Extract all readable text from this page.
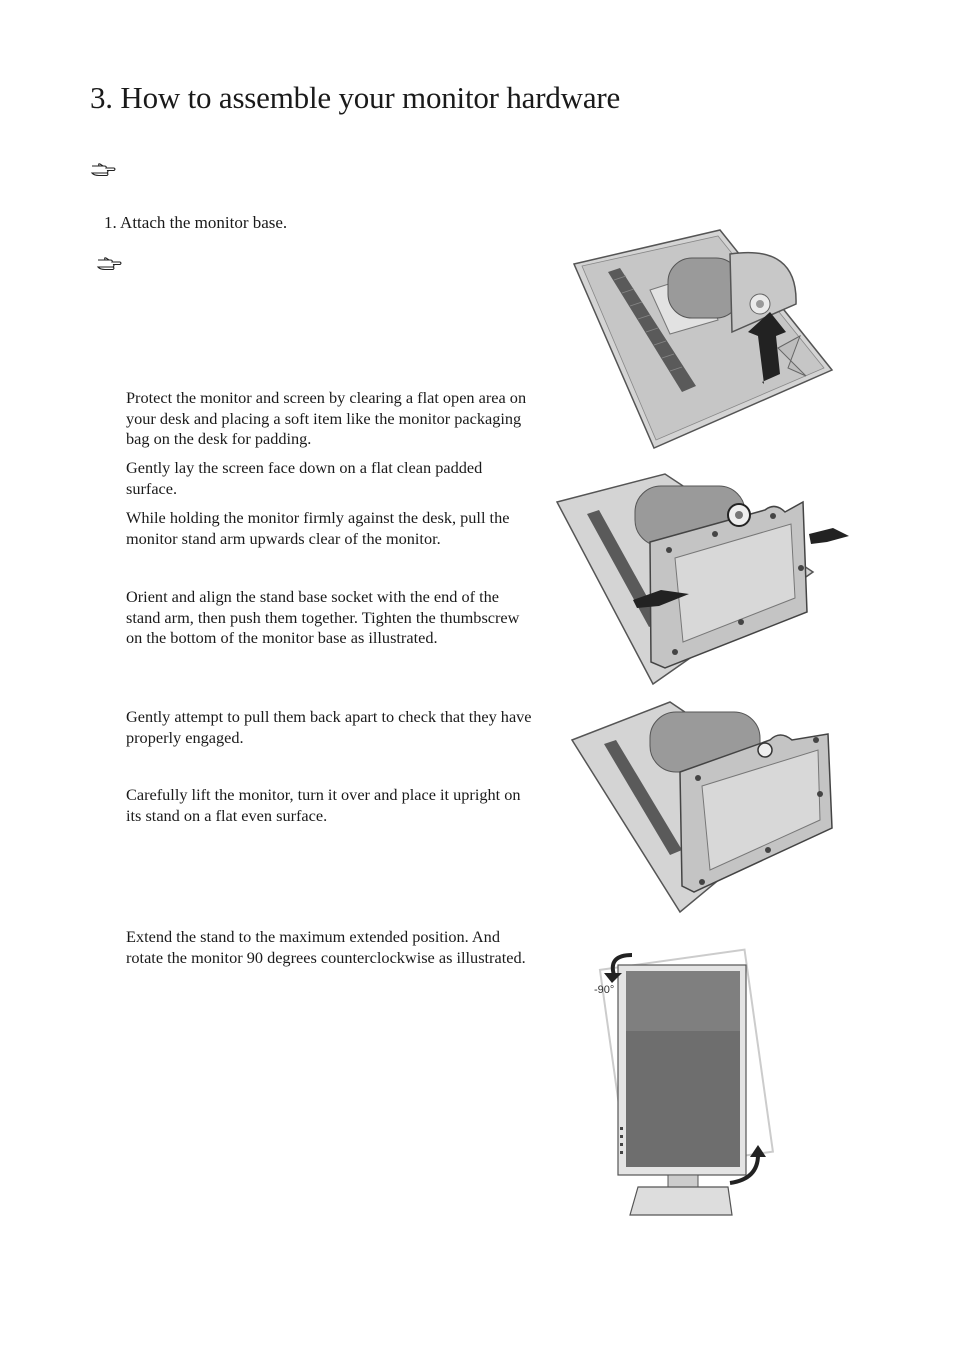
3. How to assemble your monitor hardware
1. Attach the monitor base.

Protect the monitor and screen by clearing a flat open area on your desk and placing a soft item like the monitor packaging bag on the desk for padding.

Gently lay the screen face down on a flat clean padded surface.

While holding the monitor firmly against the desk, pull the monitor stand arm upwards clear of the monitor.

Orient and align the stand base socket with the end of the stand arm, then push them together. Tighten the thumbscrew on the bottom of the monitor base as illustrated.

Gently attempt to pull them back apart to check that they have properly engaged.

Carefully lift the monitor, turn it over and place it upright on its stand on a flat even surface.

Extend the stand to the maximum extended position. And rotate the monitor 90 degrees counterclockwise as illustrated.

-90°
